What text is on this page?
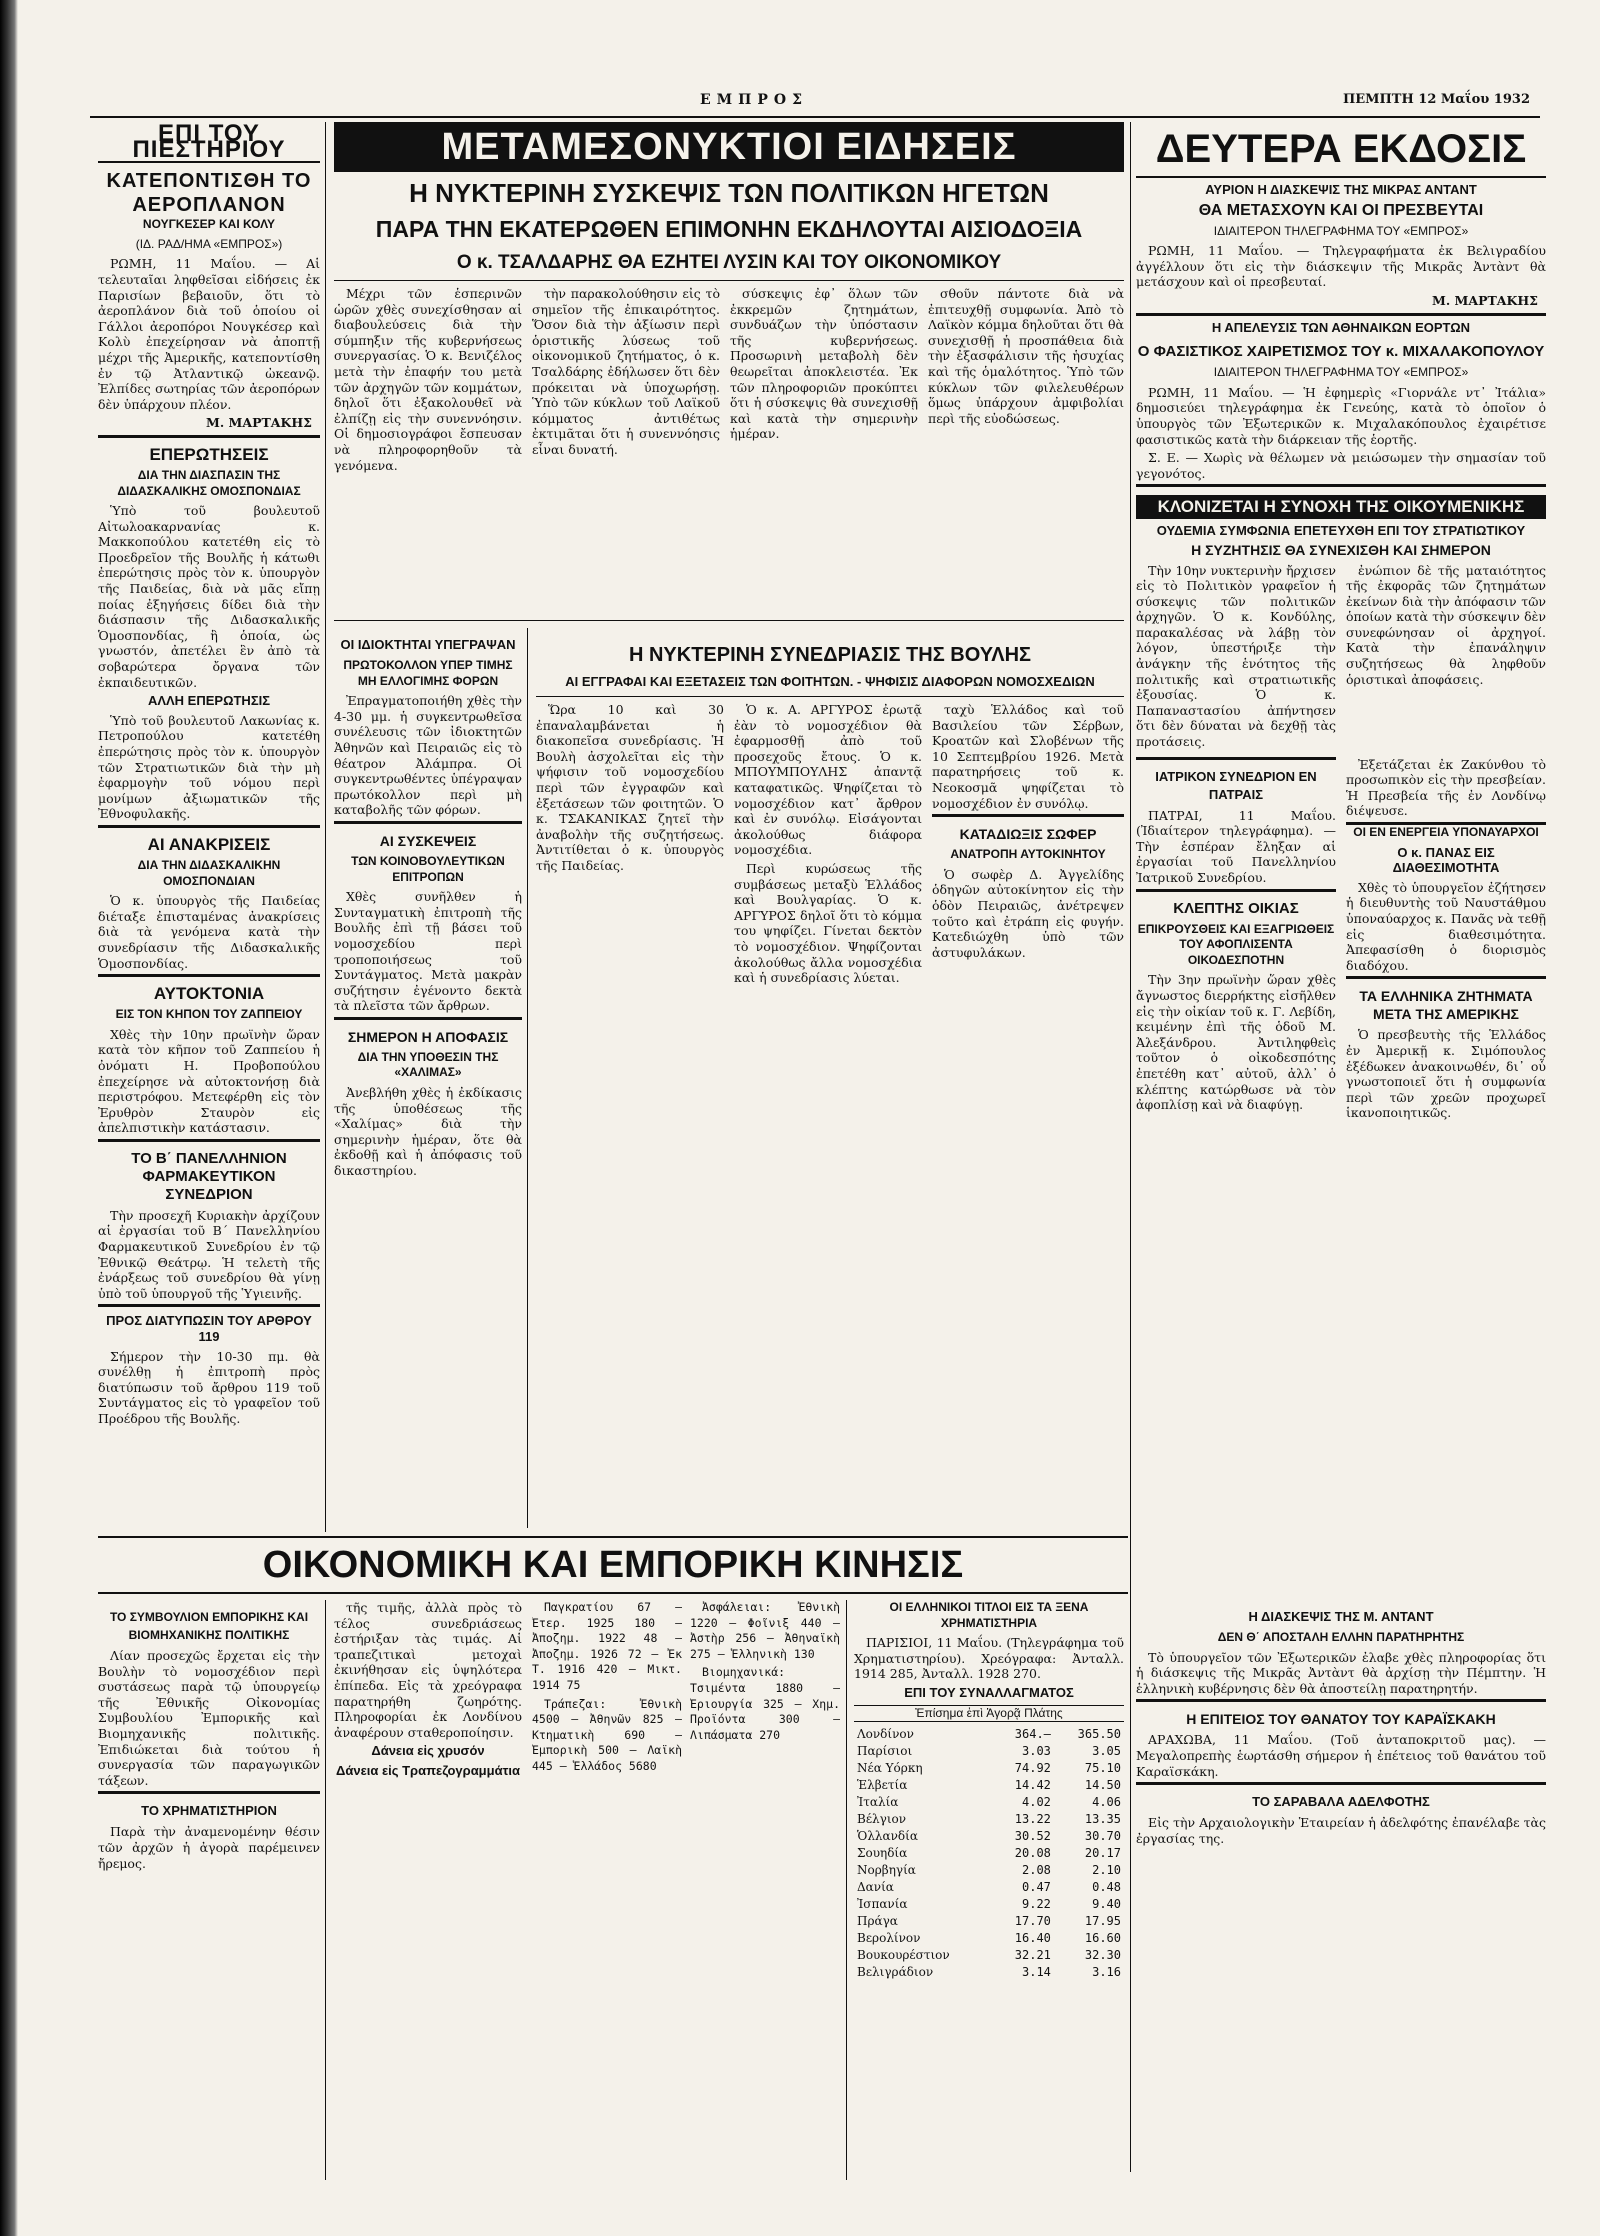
ΕΜΠΡΟΣ	ΠΕΜΠΤΗ 12 Μαΐου 1932
ΕΠΙ ΤΟΥ ΠΙΕΣΤΗΡΙΟΥ
ΚΑΤΕΠΟΝΤΙΣΘΗ ΤΟ ΑΕΡΟΠΛΑΝΟΝ
ΝΟΥΓΚΕΣΕΡ ΚΑΙ ΚΟΛΥ
(ΙΔ. ΡΑΔ/ΗΜΑ «ΕΜΠΡΟΣ»)

ΡΩΜΗ, 11 Μαΐου. — Αἱ τελευταῖαι ληφθεῖσαι εἰδήσεις ἐκ Παρισίων βεβαιοῦν, ὅτι τὸ ἀεροπλάνον διὰ τοῦ ὁποίου οἱ Γάλλοι ἀεροπόροι Νουγκέσερ καὶ Κολὺ ἐπεχείρησαν νὰ ἀποπτῇ μέχρι τῆς Ἀμερικῆς, κατεποντίσθη ἐν τῷ Ἀτλαντικῷ ὠκεανῷ. Ἐλπίδες σωτηρίας τῶν ἀεροπόρων δὲν ὑπάρχουν πλέον.

Μ. ΜΑΡΤΑΚΗΣ
ΕΠΕΡΩΤΗΣΕΙΣ
ΔΙΑ ΤΗΝ ΔΙΑΣΠΑΣΙΝ ΤΗΣ ΔΙΔΑΣΚΑΛΙΚΗΣ ΟΜΟΣΠΟΝΔΙΑΣ

Ὑπὸ τοῦ βουλευτοῦ Αἰτωλοακαρνανίας κ. Μακκοπούλου κατετέθη εἰς τὸ Προεδρεῖον τῆς Βουλῆς ἡ κάτωθι ἐπερώτησις πρὸς τὸν κ. ὑπουργὸν τῆς Παιδείας, διὰ νὰ μᾶς εἴπῃ ποίας ἐξηγήσεις δίδει διὰ τὴν διάσπασιν τῆς Διδασκαλικῆς Ὁμοσπονδίας, ἣ ὁποία, ὡς γνωστόν, ἀπετέλει ἓν ἀπὸ τὰ σοβαρώτερα ὄργανα τῶν ἐκπαιδευτικῶν.

ΑΛΛΗ ΕΠΕΡΩΤΗΣΙΣ

Ὑπὸ τοῦ βουλευτοῦ Λακωνίας κ. Πετροπούλου κατετέθη ἐπερώτησις πρὸς τὸν κ. ὑπουργὸν τῶν Στρατιωτικῶν διὰ τὴν μὴ ἐφαρμογὴν τοῦ νόμου περὶ μονίμων ἀξιωματικῶν τῆς Ἐθνοφυλακῆς.

ΑΙ ΑΝΑΚΡΙΣΕΙΣ
ΔΙΑ ΤΗΝ ΔΙΔΑΣΚΑΛΙΚΗΝ ΟΜΟΣΠΟΝΔΙΑΝ

Ὁ κ. ὑπουργὸς τῆς Παιδείας διέταξε ἐπισταμένας ἀνακρίσεις διὰ τὰ γενόμενα κατὰ τὴν συνεδρίασιν τῆς Διδασκαλικῆς Ὁμοσπονδίας.

ΑΥΤΟΚΤΟΝΙΑ
ΕΙΣ ΤΟΝ ΚΗΠΟΝ ΤΟΥ ΖΑΠΠΕΙΟΥ

Χθὲς τὴν 10ην πρωϊνὴν ὥραν κατὰ τὸν κῆπον τοῦ Ζαππείου ἡ ὀνόματι Η. Προβοπούλου ἐπεχείρησε νὰ αὐτοκτονήσῃ διὰ περιστρόφου. Μετεφέρθη εἰς τὸν Ἐρυθρὸν Σταυρὸν εἰς ἀπελπιστικὴν κατάστασιν.

ΤΟ Β΄ ΠΑΝΕΛΛΗΝΙΟΝ ΦΑΡΜΑΚΕΥΤΙΚΟΝ ΣΥΝΕΔΡΙΟΝ

Τὴν προσεχῆ Κυριακὴν ἀρχίζουν αἱ ἐργασίαι τοῦ Β΄ Πανελληνίου Φαρμακευτικοῦ Συνεδρίου ἐν τῷ Ἐθνικῷ Θεάτρῳ. Ἡ τελετὴ τῆς ἐνάρξεως τοῦ συνεδρίου θὰ γίνῃ ὑπὸ τοῦ ὑπουργοῦ τῆς Ὑγιεινῆς.

ΠΡΟΣ ΔΙΑΤΥΠΩΣΙΝ ΤΟΥ ΑΡΘΡΟΥ 119

Σήμερον τὴν 10-30 πμ. θὰ συνέλθῃ ἡ ἐπιτροπὴ πρὸς διατύπωσιν τοῦ ἄρθρου 119 τοῦ Συντάγματος εἰς τὸ γραφεῖον τοῦ Προέδρου τῆς Βουλῆς.

ΜΕΤΑΜΕΣΟΝΥΚΤΙΟΙ ΕΙΔΗΣΕΙΣ
Η ΝΥΚΤΕΡΙΝΗ ΣΥΣΚΕΨΙΣ ΤΩΝ ΠΟΛΙΤΙΚΩΝ ΗΓΕΤΩΝ
ΠΑΡΑ ΤΗΝ ΕΚΑΤΕΡΩΘΕΝ ΕΠΙΜΟΝΗΝ ΕΚΔΗΛΟΥΤΑΙ ΑΙΣΙΟΔΟΞΙΑ
Ο κ. ΤΣΑΛΔΑΡΗΣ ΘΑ ΕΖΗΤΕΙ ΛΥΣΙΝ ΚΑΙ ΤΟΥ ΟΙΚΟΝΟΜΙΚΟΥ

Μέχρι τῶν ἑσπερινῶν ὡρῶν χθὲς συνεχίσθησαν αἱ διαβουλεύσεις διὰ τὴν σύμπηξιν τῆς κυβερνήσεως συνεργασίας. Ὁ κ. Βενιζέλος μετὰ τὴν ἐπαφήν του μετὰ τῶν ἀρχηγῶν τῶν κομμάτων, δηλοῖ ὅτι ἐξακολουθεῖ νὰ ἐλπίζῃ εἰς τὴν συνεννόησιν. Οἱ δημοσιογράφοι ἔσπευσαν νὰ πληροφορηθοῦν τὰ γενόμενα.

τὴν παρακολούθησιν εἰς τὸ σημεῖον τῆς ἐπικαιρότητος. Ὅσον διὰ τὴν ἀξίωσιν περὶ ὁριστικῆς λύσεως τοῦ οἰκονομικοῦ ζητήματος, ὁ κ. Τσαλδάρης ἐδήλωσεν ὅτι δὲν πρόκειται νὰ ὑποχωρήσῃ. Ὑπὸ τῶν κύκλων τοῦ Λαϊκοῦ κόμματος ἀντιθέτως ἐκτιμᾶται ὅτι ἡ συνεννόησις εἶναι δυνατή.

σύσκεψις ἐφ᾽ ὅλων τῶν ἐκκρεμῶν ζητημάτων, συνδυάζων τὴν ὑπόστασιν τῆς κυβερνήσεως. Προσωρινὴ μεταβολὴ δὲν θεωρεῖται ἀποκλειστέα. Ἐκ τῶν πληροφοριῶν προκύπτει ὅτι ἡ σύσκεψις θὰ συνεχισθῇ καὶ κατὰ τὴν σημερινὴν ἡμέραν.

σθοῦν πάντοτε διὰ νὰ ἐπιτευχθῇ συμφωνία. Ἀπὸ τὸ Λαϊκὸν κόμμα δηλοῦται ὅτι θὰ συνεχισθῇ ἡ προσπάθεια διὰ τὴν ἐξασφάλισιν τῆς ἡσυχίας καὶ τῆς ὁμαλότητος. Ὑπὸ τῶν κύκλων τῶν φιλελευθέρων ὅμως ὑπάρχουν ἀμφιβολίαι περὶ τῆς εὐοδώσεως.

ΟΙ ΙΔΙΟΚΤΗΤΑΙ ΥΠΕΓΡΑΨΑΝ
ΠΡΩΤΟΚΟΛΛΟΝ ΥΠΕΡ ΤΙΜΗΣ ΜΗ ΕΛΛΟΓΙΜΗΣ ΦΟΡΩΝ

Ἐπραγματοποιήθη χθὲς τὴν 4-30 μμ. ἡ συγκεντρωθεῖσα συνέλευσις τῶν ἰδιοκτητῶν Ἀθηνῶν καὶ Πειραιῶς εἰς τὸ θέατρον Ἀλάμπρα. Οἱ συγκεντρωθέντες ὑπέγραψαν πρωτόκολλον περὶ μὴ καταβολῆς τῶν φόρων.

ΑΙ ΣΥΣΚΕΨΕΙΣ
ΤΩΝ ΚΟΙΝΟΒΟΥΛΕΥΤΙΚΩΝ ΕΠΙΤΡΟΠΩΝ

Χθὲς συνῆλθεν ἡ Συνταγματικὴ ἐπιτροπὴ τῆς Βουλῆς ἐπὶ τῇ βάσει τοῦ νομοσχεδίου περὶ τροποποιήσεως τοῦ Συντάγματος. Μετὰ μακρὰν συζήτησιν ἐγένοντο δεκτὰ τὰ πλεῖστα τῶν ἄρθρων.

ΣΗΜΕΡΟΝ Η ΑΠΟΦΑΣΙΣ
ΔΙΑ ΤΗΝ ΥΠΟΘΕΣΙΝ ΤΗΣ «ΧΑΛΙΜΑΣ»

Ἀνεβλήθη χθὲς ἡ ἐκδίκασις τῆς ὑποθέσεως τῆς «Χαλίμας» διὰ τὴν σημερινὴν ἡμέραν, ὅτε θὰ ἐκδοθῇ καὶ ἡ ἀπόφασις τοῦ δικαστηρίου.

Η ΝΥΚΤΕΡΙΝΗ ΣΥΝΕΔΡΙΑΣΙΣ ΤΗΣ ΒΟΥΛΗΣ
ΑΙ ΕΓΓΡΑΦΑΙ ΚΑΙ ΕΞΕΤΑΣΕΙΣ ΤΩΝ ΦΟΙΤΗΤΩΝ. - ΨΗΦΙΣΙΣ ΔΙΑΦΟΡΩΝ ΝΟΜΟΣΧΕΔΙΩΝ

Ὥρα 10 καὶ 30 ἐπαναλαμβάνεται ἡ διακοπεῖσα συνεδρίασις. Ἡ Βουλὴ ἀσχολεῖται εἰς τὴν ψήφισιν τοῦ νομοσχεδίου περὶ τῶν ἐγγραφῶν καὶ ἐξετάσεων τῶν φοιτητῶν. Ὁ κ. ΤΣΑΚΑΝΙΚΑΣ ζητεῖ τὴν ἀναβολὴν τῆς συζητήσεως. Ἀντιτίθεται ὁ κ. ὑπουργὸς τῆς Παιδείας.

Ὁ κ. Α. ΑΡΓΥΡΟΣ ἐρωτᾷ ἐὰν τὸ νομοσχέδιον θὰ ἐφαρμοσθῇ ἀπὸ τοῦ προσεχοῦς ἔτους. Ὁ κ. ΜΠΟΥΜΠΟΥΛΗΣ ἀπαντᾷ καταφατικῶς. Ψηφίζεται τὸ νομοσχέδιον κατ᾽ ἄρθρον καὶ ἐν συνόλῳ. Εἰσάγονται ἀκολούθως διάφορα νομοσχέδια.

Περὶ κυρώσεως τῆς συμβάσεως μεταξὺ Ἑλλάδος καὶ Βουλγαρίας. Ὁ κ. ΑΡΓΥΡΟΣ δηλοῖ ὅτι τὸ κόμμα του ψηφίζει. Γίνεται δεκτὸν τὸ νομοσχέδιον. Ψηφίζονται ἀκολούθως ἄλλα νομοσχέδια καὶ ἡ συνεδρίασις λύεται.

ταχὺ Ἑλλάδος καὶ τοῦ Βασιλείου τῶν Σέρβων, Κροατῶν καὶ Σλοβένων τῆς 10 Σεπτεμβρίου 1926. Μετὰ παρατηρήσεις τοῦ κ. Νεοκοσμᾶ ψηφίζεται τὸ νομοσχέδιον ἐν συνόλῳ.

ΚΑΤΑΔΙΩΞΙΣ ΣΩΦΕΡ
ΑΝΑΤΡΟΠΗ ΑΥΤΟΚΙΝΗΤΟΥ

Ὁ σωφὲρ Δ. Ἀγγελίδης ὁδηγῶν αὐτοκίνητον εἰς τὴν ὁδὸν Πειραιῶς, ἀνέτρεψεν τοῦτο καὶ ἐτράπη εἰς φυγήν. Κατεδιώχθη ὑπὸ τῶν ἀστυφυλάκων.

ΔΕΥΤΕΡΑ ΕΚΔΟΣΙΣ
ΑΥΡΙΟΝ Η ΔΙΑΣΚΕΨΙΣ ΤΗΣ ΜΙΚΡΑΣ ΑΝΤΑΝΤ
ΘΑ ΜΕΤΑΣΧΟΥΝ ΚΑΙ ΟΙ ΠΡΕΣΒΕΥΤΑΙ
ΙΔΙΑΙΤΕΡΟΝ ΤΗΛΕΓΡΑΦΗΜΑ ΤΟΥ «ΕΜΠΡΟΣ»

ΡΩΜΗ, 11 Μαΐου. — Τηλεγραφήματα ἐκ Βελιγραδίου ἀγγέλλουν ὅτι εἰς τὴν διάσκεψιν τῆς Μικρᾶς Ἀντὰντ θὰ μετάσχουν καὶ οἱ πρεσβευταί.

Μ. ΜΑΡΤΑΚΗΣ
Η ΑΠΕΛΕΥΣΙΣ ΤΩΝ ΑΘΗΝΑΙΚΩΝ ΕΟΡΤΩΝ
Ο ΦΑΣΙΣΤΙΚΟΣ ΧΑΙΡΕΤΙΣΜΟΣ ΤΟΥ κ. ΜΙΧΑΛΑΚΟΠΟΥΛΟΥ
ΙΔΙΑΙΤΕΡΟΝ ΤΗΛΕΓΡΑΦΗΜΑ ΤΟΥ «ΕΜΠΡΟΣ»

ΡΩΜΗ, 11 Μαΐου. — Ἡ ἐφημερὶς «Γιορνάλε ντ᾽ Ἰτάλια» δημοσιεύει τηλεγράφημα ἐκ Γενεύης, κατὰ τὸ ὁποῖον ὁ ὑπουργὸς τῶν Ἐξωτερικῶν κ. Μιχαλακόπουλος ἐχαιρέτισε φασιστικῶς κατὰ τὴν διάρκειαν τῆς ἑορτῆς.

Σ. Ε. — Χωρὶς νὰ θέλωμεν νὰ μειώσωμεν τὴν σημασίαν τοῦ γεγονότος.

ΚΛΟΝΙΖΕΤΑΙ Η ΣΥΝΟΧΗ ΤΗΣ ΟΙΚΟΥΜΕΝΙΚΗΣ
ΟΥΔΕΜΙΑ ΣΥΜΦΩΝΙΑ ΕΠΕΤΕΥΧΘΗ ΕΠΙ ΤΟΥ ΣΤΡΑΤΙΩΤΙΚΟΥ
Η ΣΥΖΗΤΗΣΙΣ ΘΑ ΣΥΝΕΧΙΣΘΗ ΚΑΙ ΣΗΜΕΡΟΝ

Τὴν 10ην νυκτερινὴν ἤρχισεν εἰς τὸ Πολιτικὸν γραφεῖον ἡ σύσκεψις τῶν πολιτικῶν ἀρχηγῶν. Ὁ κ. Κονδύλης, παρακαλέσας νὰ λάβῃ τὸν λόγον, ὑπεστήριξε τὴν ἀνάγκην τῆς ἑνότητος τῆς πολιτικῆς καὶ στρατιωτικῆς ἐξουσίας. Ὁ κ. Παπαναστασίου ἀπήντησεν ὅτι δὲν δύναται νὰ δεχθῇ τὰς προτάσεις.

ἐνώπιον δὲ τῆς ματαιότητος τῆς ἐκφορᾶς τῶν ζητημάτων ἐκείνων διὰ τὴν ἀπόφασιν τῶν ὁποίων κατὰ τὴν σύσκεψιν δὲν συνεφώνησαν οἱ ἀρχηγοί. Κατὰ τὴν ἐπανάληψιν συζητήσεως θὰ ληφθοῦν ὁριστικαὶ ἀποφάσεις.

ΙΑΤΡΙΚΟΝ ΣΥΝΕΔΡΙΟΝ ΕΝ ΠΑΤΡΑΙΣ

ΠΑΤΡΑΙ, 11 Μαΐου. (Ἰδιαίτερον τηλεγράφημα). — Τὴν ἑσπέραν ἔληξαν αἱ ἐργασίαι τοῦ Πανελληνίου Ἰατρικοῦ Συνεδρίου.

ΚΛΕΠΤΗΣ ΟΙΚΙΑΣ
ΕΠΙΚΡΟΥΣΘΕΙΣ ΚΑΙ ΕΞΑΓΡΙΩΘΕΙΣ ΤΟΥ ΑΦΟΠΛΙΣΕΝΤΑ ΟΙΚΟΔΕΣΠΟΤΗΝ

Τὴν 3ην πρωϊνὴν ὥραν χθὲς ἄγνωστος διερρήκτης εἰσῆλθεν εἰς τὴν οἰκίαν τοῦ κ. Γ. Λεβίδη, κειμένην ἐπὶ τῆς ὁδοῦ Μ. Ἀλεξάνδρου. Ἀντιληφθεὶς τοῦτον ὁ οἰκοδεσπότης ἐπετέθη κατ᾽ αὐτοῦ, ἀλλ᾽ ὁ κλέπτης κατώρθωσε νὰ τὸν ἀφοπλίσῃ καὶ νὰ διαφύγῃ.

Ἐξετάζεται ἐκ Ζακύνθου τὸ προσωπικὸν εἰς τὴν πρεσβείαν. Ἡ Πρεσβεία τῆς ἐν Λονδίνῳ διέψευσε.

ΟΙ ΕΝ ΕΝΕΡΓΕΙΑ ΥΠΟΝΑΥΑΡΧΟΙ
Ο κ. ΠΑΝΑΣ ΕΙΣ ΔΙΑΘΕΣΙΜΟΤΗΤΑ

Χθὲς τὸ ὑπουργεῖον ἐζήτησεν ἡ διευθυντὴς τοῦ Ναυστάθμου ὑποναύαρχος κ. Πανᾶς νὰ τεθῇ εἰς διαθεσιμότητα. Ἀπεφασίσθη ὁ διορισμὸς διαδόχου.

ΤΑ ΕΛΛΗΝΙΚΑ ΖΗΤΗΜΑΤΑ ΜΕΤΑ ΤΗΣ ΑΜΕΡΙΚΗΣ

Ὁ πρεσβευτὴς τῆς Ἑλλάδος ἐν Ἀμερικῇ κ. Σιμόπουλος ἐξέδωκεν ἀνακοινωθέν, δι᾽ οὗ γνωστοποιεῖ ὅτι ἡ συμφωνία περὶ τῶν χρεῶν προχωρεῖ ἱκανοποιητικῶς.

ΟΙΚΟΝΟΜΙΚΗ ΚΑΙ ΕΜΠΟΡΙΚΗ ΚΙΝΗΣΙΣ
ΤΟ ΣΥΜΒΟΥΛΙΟΝ ΕΜΠΟΡΙΚΗΣ ΚΑΙ ΒΙΟΜΗΧΑΝΙΚΗΣ ΠΟΛΙΤΙΚΗΣ

Λίαν προσεχῶς ἔρχεται εἰς τὴν Βουλὴν τὸ νομοσχέδιον περὶ συστάσεως παρὰ τῷ ὑπουργείῳ τῆς Ἐθνικῆς Οἰκονομίας Συμβουλίου Ἐμπορικῆς καὶ Βιομηχανικῆς πολιτικῆς. Ἐπιδιώκεται διὰ τούτου ἡ συνεργασία τῶν παραγωγικῶν τάξεων.

ΤΟ ΧΡΗΜΑΤΙΣΤΗΡΙΟΝ

Παρὰ τὴν ἀναμενομένην θέσιν τῶν ἀρχῶν ἡ ἀγορὰ παρέμεινεν ἤρεμος.

τῆς τιμῆς, ἀλλὰ πρὸς τὸ τέλος συνεδριάσεως ἐστήριξαν τὰς τιμάς. Αἱ τραπεζιτικαὶ μετοχαὶ ἐκινήθησαν εἰς ὑψηλότερα ἐπίπεδα. Εἰς τὰ χρεόγραφα παρατηρήθη ζωηρότης. Πληροφορίαι ἐκ Λονδίνου ἀναφέρουν σταθεροποίησιν.

Δάνεια εἰς χρυσόν
Δάνεια εἰς Τραπεζογραμμάτια

Παγκρατίου 67 — Ἑτερ. 1925 180 — Ἀποζημ. 1922 48 — Ἀποζημ. 1926 72 — Ἐκ Τ. 1916 420 — Μικτ. 1914 75

Τράπεζαι: Ἐθνικὴ 4500 — Ἀθηνῶν 825 — Κτηματικὴ 690 — Ἐμπορικὴ 500 — Λαϊκὴ 445 — Ἑλλάδος 5680

Ἀσφάλειαι: Ἐθνικὴ 1220 — Φοῖνιξ 440 — Ἀστὴρ 256 — Ἀθηναϊκὴ 275 — Ἑλληνικὴ 130

Βιομηχανικά: Τσιμέντα 1880 — Ἐριουργία 325 — Χημ. Προϊόντα 300 — Λιπάσματα 270

ΟΙ ΕΛΛΗΝΙΚΟΙ ΤΙΤΛΟΙ ΕΙΣ ΤΑ ΞΕΝΑ ΧΡΗΜΑΤΙΣΤΗΡΙΑ

ΠΑΡΙΣΙΟΙ, 11 Μαΐου. (Τηλεγράφημα τοῦ Χρηματιστηρίου). Χρεόγραφα: Ἀνταλλ. 1914 285, Ἀνταλλ. 1928 270.

ΕΠΙ ΤΟΥ ΣΥΝΑΛΛΑΓΜΑΤΟΣ
Ἐπίσημα ἐπὶ Ἀγορᾷ Πλάτης
Λονδίνον	364.—	365.50
Παρίσιοι	3.03	3.05
Νέα Υόρκη	74.92	75.10
Ἑλβετία	14.42	14.50
Ἰταλία	4.02	4.06
Βέλγιον	13.22	13.35
Ὁλλανδία	30.52	30.70
Σουηδία	20.08	20.17
Νορβηγία	2.08	2.10
Δανία	0.47	0.48
Ἰσπανία	9.22	9.40
Πράγα	17.70	17.95
Βερολίνον	16.40	16.60
Βουκουρέστιον	32.21	32.30
Βελιγράδιον	3.14	3.16
Η ΔΙΑΣΚΕΨΙΣ ΤΗΣ Μ. ΑΝΤΑΝΤ
ΔΕΝ Θ΄ ΑΠΟΣΤΑΛΗ ΕΛΛΗΝ ΠΑΡΑΤΗΡΗΤΗΣ

Τὸ ὑπουργεῖον τῶν Ἐξωτερικῶν ἐλαβε χθὲς πληροφορίας ὅτι ἡ διάσκεψις τῆς Μικρᾶς Ἀντὰντ θὰ ἀρχίσῃ τὴν Πέμπτην. Ἡ ἑλληνικὴ κυβέρνησις δὲν θὰ ἀποστείλῃ παρατηρητήν.

Η ΕΠΙΤΕΙΟΣ ΤΟΥ ΘΑΝΑΤΟΥ ΤΟΥ ΚΑΡΑΪΣΚΑΚΗ

ΑΡΑΧΩΒΑ, 11 Μαΐου. (Τοῦ ἀνταποκριτοῦ μας). — Μεγαλοπρεπὴς ἑωρτάσθη σήμερον ἡ ἐπέτειος τοῦ θανάτου τοῦ Καραϊσκάκη.

ΤΟ ΣΑΡΑΒΑΛΑ ΑΔΕΛΦΟΤΗΣ

Εἰς τὴν Αρχαιολογικὴν Ἑταιρείαν ἡ ἀδελφότης ἐπανέλαβε τὰς ἐργασίας της.
